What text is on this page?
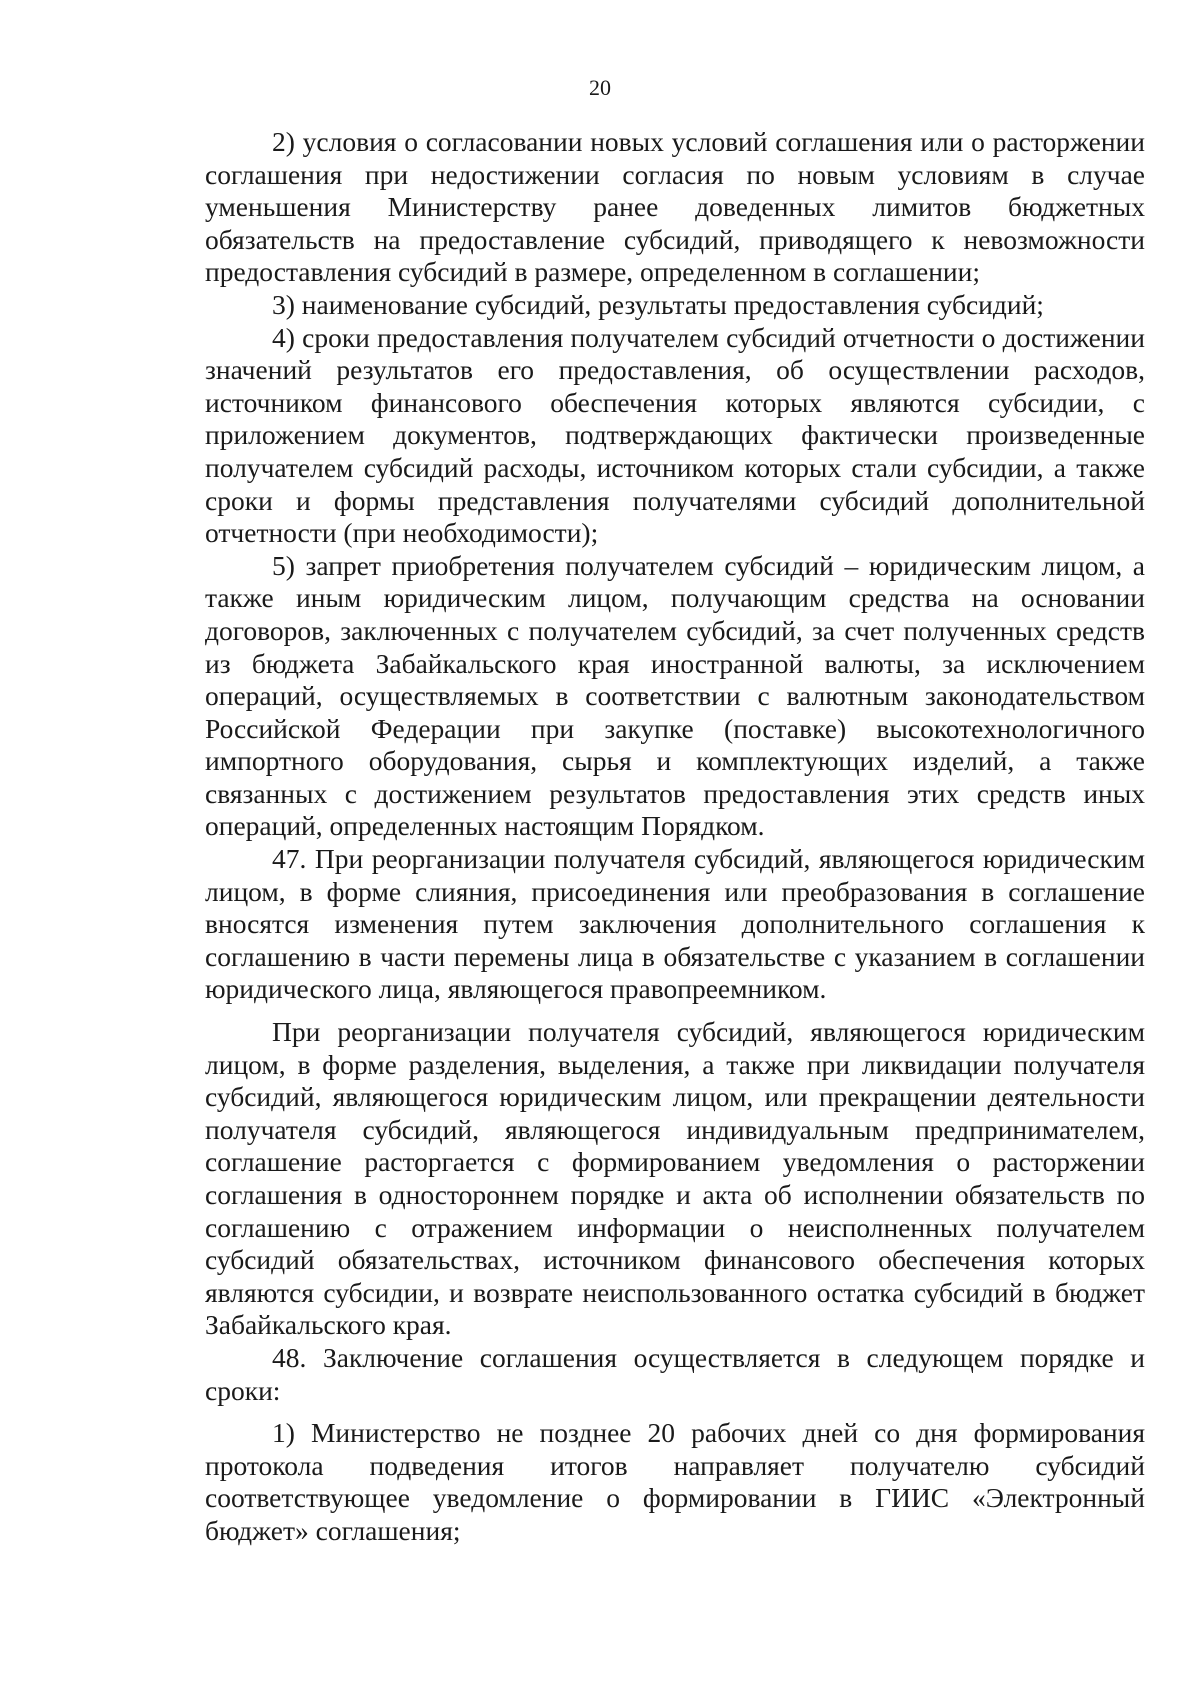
20

2) условия о согласовании новых условий соглашения или о расторжении соглашения при недостижении согласия по новым условиям в случае уменьшения Министерству ранее доведенных лимитов бюджетных обязательств на предоставление субсидий, приводящего к невозможности предоставления субсидий в размере, определенном в соглашении;

3) наименование субсидий, результаты предоставления субсидий;

4) сроки предоставления получателем субсидий отчетности о достижении значений результатов его предоставления, об осуществлении расходов, источником финансового обеспечения которых являются субсидии, с приложением документов, подтверждающих фактически произведенные получателем субсидий расходы, источником которых стали субсидии, а также сроки и формы представления получателями субсидий дополнительной отчетности (при необходимости);

5) запрет приобретения получателем субсидий – юридическим лицом, а также иным юридическим лицом, получающим средства на основании договоров, заключенных с получателем субсидий, за счет полученных средств из бюджета Забайкальского края иностранной валюты, за исключением операций, осуществляемых в соответствии с валютным законодательством Российской Федерации при закупке (поставке) высокотехнологичного импортного оборудования, сырья и комплектующих изделий, а также связанных с достижением результатов предоставления этих средств иных операций, определенных настоящим Порядком.

47. При реорганизации получателя субсидий, являющегося юридическим лицом, в форме слияния, присоединения или преобразования в соглашение вносятся изменения путем заключения дополнительного соглашения к соглашению в части перемены лица в обязательстве с указанием в соглашении юридического лица, являющегося правопреемником.

При реорганизации получателя субсидий, являющегося юридическим лицом, в форме разделения, выделения, а также при ликвидации получателя субсидий, являющегося юридическим лицом, или прекращении деятельности получателя субсидий, являющегося индивидуальным предпринимателем, соглашение расторгается с формированием уведомления о расторжении соглашения в одностороннем порядке и акта об исполнении обязательств по соглашению с отражением информации о неисполненных получателем субсидий обязательствах, источником финансового обеспечения которых являются субсидии, и возврате неиспользованного остатка субсидий в бюджет Забайкальского края.

48. Заключение соглашения осуществляется в следующем порядке и сроки:

1) Министерство не позднее 20 рабочих дней со дня формирования протокола подведения итогов направляет получателю субсидий соответствующее уведомление о формировании в ГИИС «Электронный бюджет» соглашения;
